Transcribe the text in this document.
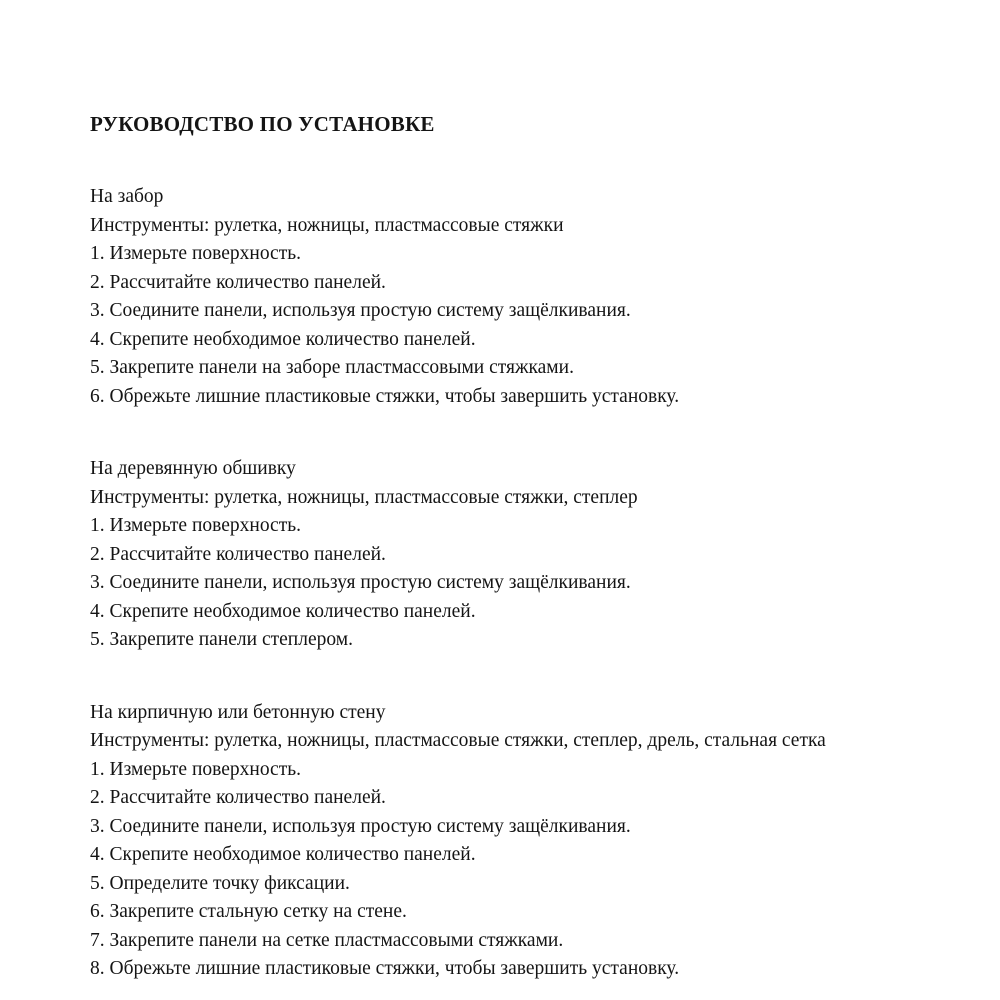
РУКОВОДСТВО ПО УСТАНОВКЕ

На забор

Инструменты: рулетка, ножницы, пластмассовые стяжки

1. Измерьте поверхность.

2. Рассчитайте количество панелей.

3. Соедините панели, используя простую систему защёлкивания.

4. Скрепите необходимое количество панелей.

5. Закрепите панели на заборе пластмассовыми стяжками.

6. Обрежьте лишние пластиковые стяжки, чтобы завершить установку.

На деревянную обшивку

Инструменты: рулетка, ножницы, пластмассовые стяжки, степлер

1. Измерьте поверхность.

2. Рассчитайте количество панелей.

3. Соедините панели, используя простую систему защёлкивания.

4. Скрепите необходимое количество панелей.

5. Закрепите панели степлером.

На кирпичную или бетонную стену

Инструменты: рулетка, ножницы, пластмассовые стяжки, степлер, дрель, стальная сетка

1. Измерьте поверхность.

2. Рассчитайте количество панелей.

3. Соедините панели, используя простую систему защёлкивания.

4. Скрепите необходимое количество панелей.

5. Определите точку фиксации.

6. Закрепите стальную сетку на стене.

7. Закрепите панели на сетке пластмассовыми стяжками.

8. Обрежьте лишние пластиковые стяжки, чтобы завершить установку.
